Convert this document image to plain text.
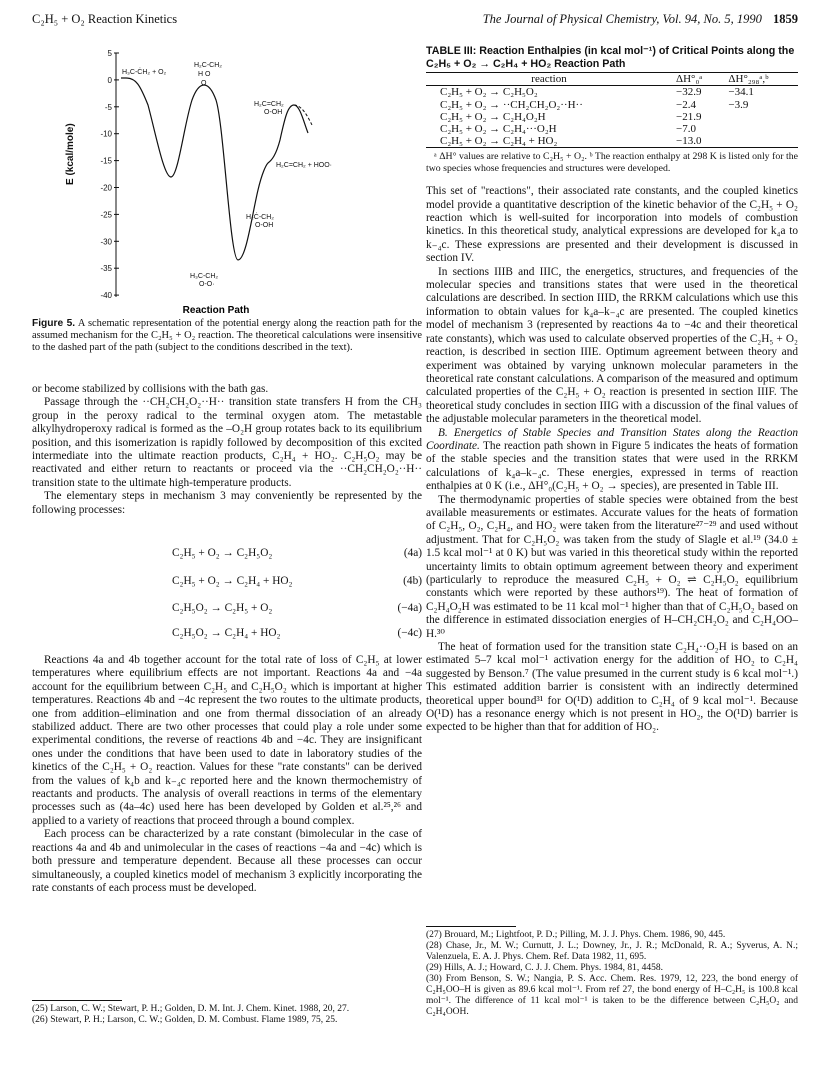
C₂H₅ + O₂ Reaction Kinetics	The Journal of Physical Chemistry, Vol. 94, No. 5, 1990 1859
E (kcal/mole)
5
0
-5
-10
-15
-20
-25
-30
-35
-40
H₃C-ĊH₂ + O₂
H₂C-CH₂
H O
O
H₂C=CH₂
O-OH
H₂C=CH₂ + HOO·
H₂Ċ-CH₂
O-OH
H₃C-CH₂
O-O·
Reaction Path
Figure 5. A schematic representation of the potential energy along the reaction path for the assumed mechanism for the C₂H₅ + O₂ reaction. The theoretical calculations were insensitive to the dashed part of the path (subject to the conditions described in the text).

or become stabilized by collisions with the bath gas.

Passage through the ··CH₂CH₂O₂··H·· transition state transfers H from the CH₃ group in the peroxy radical to the terminal oxygen atom. The metastable alkylhydroperoxy radical is formed as the –O₂H group rotates back to its equilibrium position, and this isomerization is rapidly followed by decomposition of this excited intermediate into the ultimate reaction products, C₂H₄ + HO₂. C₂H₅O₂ may be reactivated and either return to reactants or proceed via the ··CH₂CH₂O₂··H·· transition state to the ultimate high-temperature products.

The elementary steps in mechanism 3 may conveniently be represented by the following processes:

C₂H₅ + O₂ → C₂H₅O₂	(4a)
C₂H₅ + O₂ → C₂H₄ + HO₂	(4b)
C₂H₅O₂ → C₂H₅ + O₂	(−4a)
C₂H₅O₂ → C₂H₄ + HO₂	(−4c)

Reactions 4a and 4b together account for the total rate of loss of C₂H₅ at lower temperatures where equilibrium effects are not important. Reactions 4a and −4a account for the equilibrium between C₂H₅ and C₂H₅O₂ which is important at higher temperatures. Reactions 4b and −4c represent the two routes to the ultimate products, one from addition–elimination and one from thermal dissociation of an already stabilized adduct. There are two other processes that could play a role under some experimental conditions, the reverse of reactions 4b and −4c. They are insignificant ones under the conditions that have been used to date in laboratory studies of the kinetics of the C₂H₅ + O₂ reaction. Values for these "rate constants" can be derived from the values of k₄b and k₋₄c reported here and the known thermochemistry of reactants and products. The analysis of overall reactions in terms of the elementary processes such as (4a–4c) used here has been developed by Golden et al.²⁵,²⁶ and applied to a variety of reactions that proceed through a bound complex.

Each process can be characterized by a rate constant (bimolecular in the case of reactions 4a and 4b and unimolecular in the cases of reactions −4a and −4c) which is both pressure and temperature dependent. Because all these processes can occur simultaneously, a coupled kinetics model of mechanism 3 explicitly incorporating the rate constants of each process must be developed.

(25) Larson, C. W.; Stewart, P. H.; Golden, D. M. Int. J. Chem. Kinet. 1988, 20, 27.

(26) Stewart, P. H.; Larson, C. W.; Golden, D. M. Combust. Flame 1989, 75, 25.

TABLE III: Reaction Enthalpies (in kcal mol⁻¹) of Critical Points along the C₂H₅ + O₂ → C₂H₄ + HO₂ Reaction Path
reaction	ΔH°₀ᵃ	ΔH°₂₉₈ᵃ,ᵇ
C₂H₅ + O₂ → C₂H₅O₂	−32.9	−34.1
C₂H₅ + O₂ → ··CH₂CH₂O₂··H··	−2.4	−3.9
C₂H₅ + O₂ → C₂H₄O₂H	−21.9	
C₂H₅ + O₂ → C₂H₄···O₂H	−7.0	
C₂H₅ + O₂ → C₂H₄ + HO₂	−13.0	

ᵃ ΔH° values are relative to C₂H₅ + O₂. ᵇ The reaction enthalpy at 298 K is listed only for the two species whose frequencies and structures were developed.

This set of "reactions", their associated rate constants, and the coupled kinetics model provide a quantitative description of the kinetic behavior of the C₂H₅ + O₂ reaction which is well-suited for incorporation into models of combustion kinetics. In this theoretical study, analytical expressions are developed for k₄a to k₋₄c. These expressions are presented and their development is discussed in section IV.

In sections IIIB and IIIC, the energetics, structures, and frequencies of the molecular species and transitions states that were used in the theoretical calculations are described. In section IIID, the RRKM calculations which use this information to obtain values for k₄a–k₋₄c are presented. The coupled kinetics model of mechanism 3 (represented by reactions 4a to −4c and their theoretical rate constants), which was used to calculate observed properties of the C₂H₅ + O₂ reaction, is described in section IIIE. Optimum agreement between theory and experiment was obtained by varying unknown molecular parameters in the theoretical rate constant calculations. A comparison of the measured and optimum calculated properties of the C₂H₅ + O₂ reaction is presented in section IIIF. The theoretical study concludes in section IIIG with a discussion of the final values of the adjustable molecular parameters in the theoretical model.

B. Energetics of Stable Species and Transition States along the Reaction Coordinate. The reaction path shown in Figure 5 indicates the heats of formation of the stable species and the transition states that were used in the RRKM calculations of k₄a–k₋₄c. These energies, expressed in terms of reaction enthalpies at 0 K (i.e., ΔH°₀(C₂H₅ + O₂ → species), are presented in Table III.

The thermodynamic properties of stable species were obtained from the best available measurements or estimates. Accurate values for the heats of formation of C₂H₅, O₂, C₂H₄, and HO₂ were taken from the literature²⁷⁻²⁹ and used without adjustment. That for C₂H₅O₂ was taken from the study of Slagle et al.¹⁹ (34.0 ± 1.5 kcal mol⁻¹ at 0 K) but was varied in this theoretical study within the reported uncertainty limits to obtain optimum agreement between theory and experiment (particularly to reproduce the measured C₂H₅ + O₂ ⇌ C₂H₅O₂ equilibrium constants which were reported by these authors¹⁹). The heat of formation of C₂H₄O₂H was estimated to be 11 kcal mol⁻¹ higher than that of C₂H₅O₂ based on the difference in estimated dissociation energies of H–CH₂CH₂O₂ and C₂H₄OO–H.³⁰

The heat of formation used for the transition state C₂H₄··O₂H is based on an estimated 5–7 kcal mol⁻¹ activation energy for the addition of HO₂ to C₂H₄ suggested by Benson.⁷ (The value presumed in the current study is 6 kcal mol⁻¹.) This estimated addition barrier is consistent with an indirectly determined theoretical upper bound³¹ for O(¹D) addition to C₂H₄ of 9 kcal mol⁻¹. Because O(¹D) has a resonance energy which is not present in HO₂, the O(¹D) barrier is expected to be higher than that for addition of HO₂.

(27) Brouard, M.; Lightfoot, P. D.; Pilling, M. J. J. Phys. Chem. 1986, 90, 445.

(28) Chase, Jr., M. W.; Curnutt, J. L.; Downey, Jr., J. R.; McDonald, R. A.; Syverus, A. N.; Valenzuela, E. A. J. Phys. Chem. Ref. Data 1982, 11, 695.

(29) Hills, A. J.; Howard, C. J. J. Chem. Phys. 1984, 81, 4458.

(30) From Benson, S. W.; Nangia, P. S. Acc. Chem. Res. 1979, 12, 223, the bond energy of C₂H₅OO–H is given as 89.6 kcal mol⁻¹. From ref 27, the bond energy of H–C₂H₅ is 100.8 kcal mol⁻¹. The difference of 11 kcal mol⁻¹ is taken to be the difference between C₂H₅O₂ and C₂H₄OOH.
